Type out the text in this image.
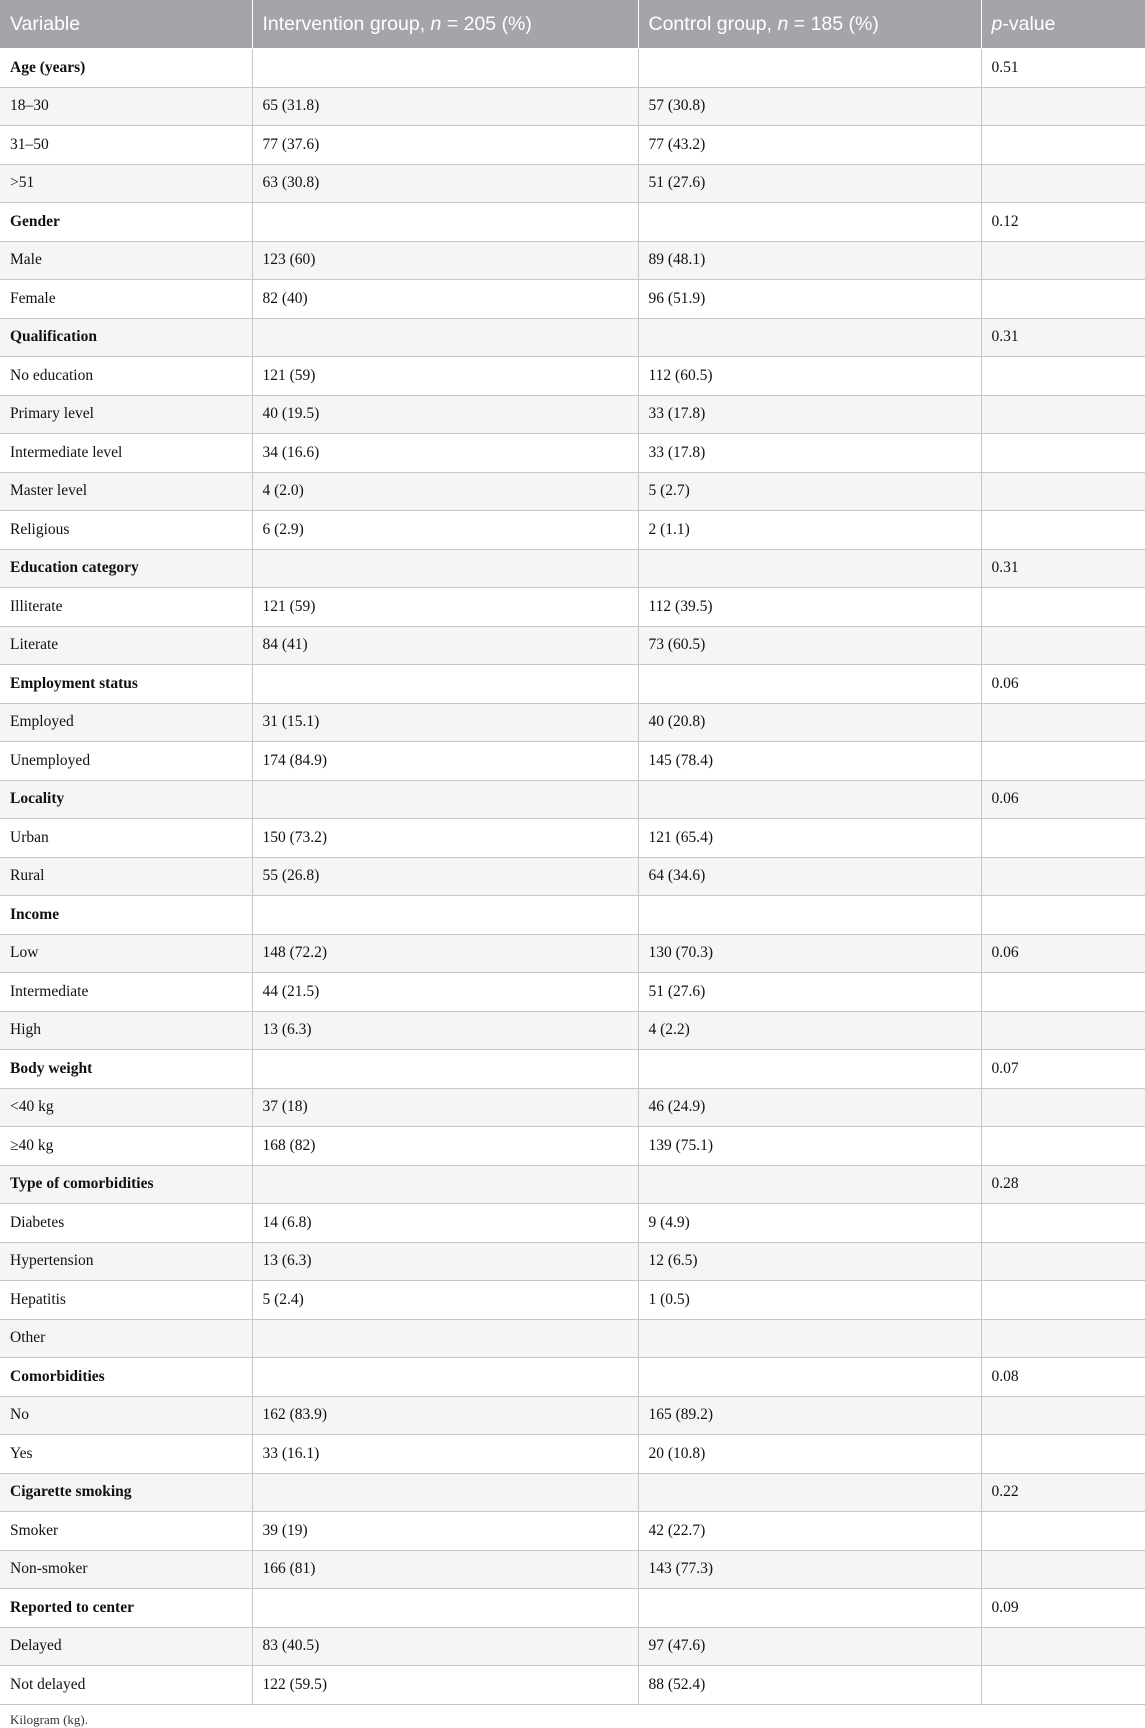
Variable	Intervention group, n = 205 (%)	Control group, n = 185 (%)	p-value
Age (years)			0.51
18–30	65 (31.8)	57 (30.8)	
31–50	77 (37.6)	77 (43.2)	
>51	63 (30.8)	51 (27.6)	
Gender			0.12
Male	123 (60)	89 (48.1)	
Female	82 (40)	96 (51.9)	
Qualification			0.31
No education	121 (59)	112 (60.5)	
Primary level	40 (19.5)	33 (17.8)	
Intermediate level	34 (16.6)	33 (17.8)	
Master level	4 (2.0)	5 (2.7)	
Religious	6 (2.9)	2 (1.1)	
Education category			0.31
Illiterate	121 (59)	112 (39.5)	
Literate	84 (41)	73 (60.5)	
Employment status			0.06
Employed	31 (15.1)	40 (20.8)	
Unemployed	174 (84.9)	145 (78.4)	
Locality			0.06
Urban	150 (73.2)	121 (65.4)	
Rural	55 (26.8)	64 (34.6)	
Income			
Low	148 (72.2)	130 (70.3)	0.06
Intermediate	44 (21.5)	51 (27.6)	
High	13 (6.3)	4 (2.2)	
Body weight			0.07
<40 kg	37 (18)	46 (24.9)	
≥40 kg	168 (82)	139 (75.1)	
Type of comorbidities			0.28
Diabetes	14 (6.8)	9 (4.9)	
Hypertension	13 (6.3)	12 (6.5)	
Hepatitis	5 (2.4)	1 (0.5)	
Other			
Comorbidities			0.08
No	162 (83.9)	165 (89.2)	
Yes	33 (16.1)	20 (10.8)	
Cigarette smoking			0.22
Smoker	39 (19)	42 (22.7)	
Non-smoker	166 (81)	143 (77.3)	
Reported to center			0.09
Delayed	83 (40.5)	97 (47.6)	
Not delayed	122 (59.5)	88 (52.4)	
Kilogram (kg).
